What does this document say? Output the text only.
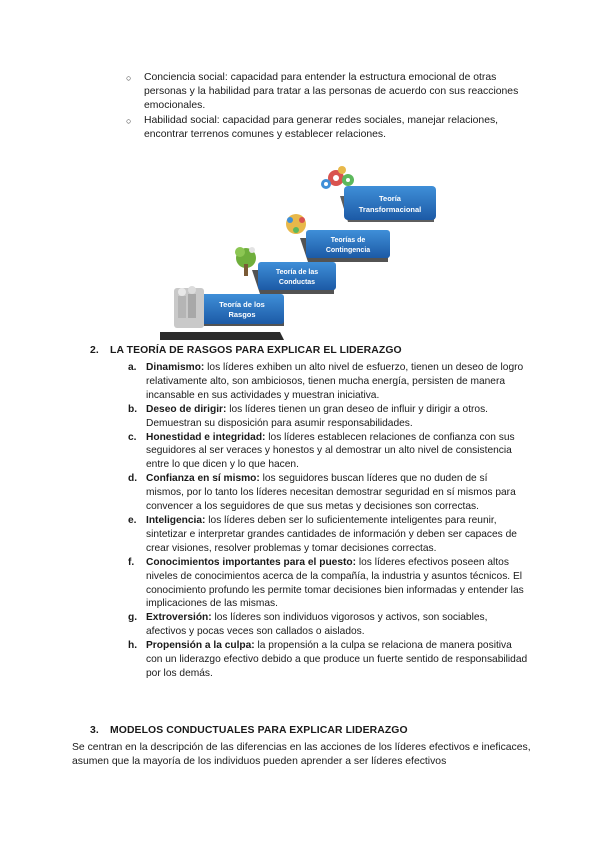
○ Conciencia social: capacidad para entender la estructura emocional de otras personas y la habilidad para tratar a las personas de acuerdo con sus reacciones emocionales.
○ Habilidad social: capacidad para generar redes sociales, manejar relaciones, encontrar terrenos comunes y establecer relaciones.
Teoría de los
Rasgos
Teoría de las
Conductas
Teorías de
Contingencia
Teoría
Transformacional
2. LA TEORÍA DE RASGOS PARA EXPLICAR EL LIDERAZGO
a. Dinamismo: los líderes exhiben un alto nivel de esfuerzo, tienen un deseo de logro relativamente alto, son ambiciosos, tienen mucha energía, persisten de manera incansable en sus actividades y muestran iniciativa.
b. Deseo de dirigir: los líderes tienen un gran deseo de influir y dirigir a otros. Demuestran su disposición para asumir responsabilidades.
c. Honestidad e integridad: los líderes establecen relaciones de confianza con sus seguidores al ser veraces y honestos y al demostrar un alto nivel de consistencia entre lo que dicen y lo que hacen.
d. Confianza en sí mismo: los seguidores buscan líderes que no duden de sí mismos, por lo tanto los líderes necesitan demostrar seguridad en sí mismos para convencer a los seguidores de que sus metas y decisiones son correctas.
e. Inteligencia: los líderes deben ser lo suficientemente inteligentes para reunir, sintetizar e interpretar grandes cantidades de información y deben ser capaces de crear visiones, resolver problemas y tomar decisiones correctas.
f. Conocimientos importantes para el puesto: los líderes efectivos poseen altos niveles de conocimientos acerca de la compañía, la industria y asuntos técnicos. El conocimiento profundo les permite tomar decisiones bien informadas y entender las implicaciones de las mismas.
g. Extroversión: los líderes son individuos vigorosos y activos, son sociables, afectivos y pocas veces son callados o aislados.
h. Propensión a la culpa: la propensión a la culpa se relaciona de manera positiva con un liderazgo efectivo debido a que produce un fuerte sentido de responsabilidad por los demás.
3. MODELOS CONDUCTUALES PARA EXPLICAR LIDERAZGO
Se centran en la descripción de las diferencias en las acciones de los líderes efectivos e ineficaces, asumen que la mayoría de los individuos pueden aprender a ser líderes efectivos
